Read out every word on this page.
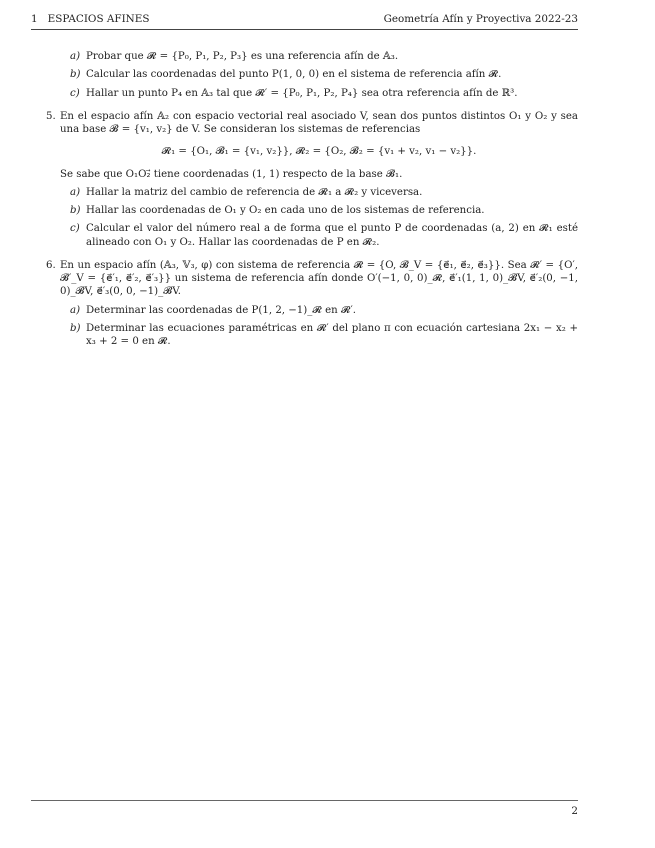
1 ESPACIOS AFINES	Geometría Afín y Proyectiva 2022-23
a) Probar que 𝓡 = {P₀, P₁, P₂, P₃} es una referencia afín de 𝔸₃.
b) Calcular las coordenadas del punto P(1, 0, 0) en el sistema de referencia afín 𝓡.
c) Hallar un punto P₄ en 𝔸₃ tal que 𝓡′ = {P₀, P₁, P₂, P₄} sea otra referencia afín de ℝ³.
5. En el espacio afín 𝔸₂ con espacio vectorial real asociado V, sean dos puntos distintos O₁ y O₂ y sea una base 𝓑 = {v₁, v₂} de V. Se consideran los sistemas de referencias
𝓡₁ = {O₁, 𝓑₁ = {v₁, v₂}}, 𝓡₂ = {O₂, 𝓑₂ = {v₁ + v₂, v₁ − v₂}}.
Se sabe que O₁O₂⃗ tiene coordenadas (1, 1) respecto de la base 𝓑₁.
a) Hallar la matriz del cambio de referencia de 𝓡₁ a 𝓡₂ y viceversa.
b) Hallar las coordenadas de O₁ y O₂ en cada uno de los sistemas de referencia.
c) Calcular el valor del número real a de forma que el punto P de coordenadas (a, 2) en 𝓡₁ esté alineado con O₁ y O₂. Hallar las coordenadas de P en 𝓡₂.
6. En un espacio afín (𝔸₃, 𝕍₃, φ) con sistema de referencia 𝓡 = {O, 𝓑_V = {e⃗₁, e⃗₂, e⃗₃}}. Sea 𝓡′ = {O′, 𝓑′_V = {e⃗′₁, e⃗′₂, e⃗′₃}} un sistema de referencia afín donde O′(−1, 0, 0)_𝓡, e⃗′₁(1, 1, 0)_𝓑V, e⃗′₂(0, −1, 0)_𝓑V, e⃗′₃(0, 0, −1)_𝓑V.
a) Determinar las coordenadas de P(1, 2, −1)_𝓡 en 𝓡′.
b) Determinar las ecuaciones paramétricas en 𝓡′ del plano π con ecuación cartesiana 2x₁ − x₂ + x₃ + 2 = 0 en 𝓡.
2
